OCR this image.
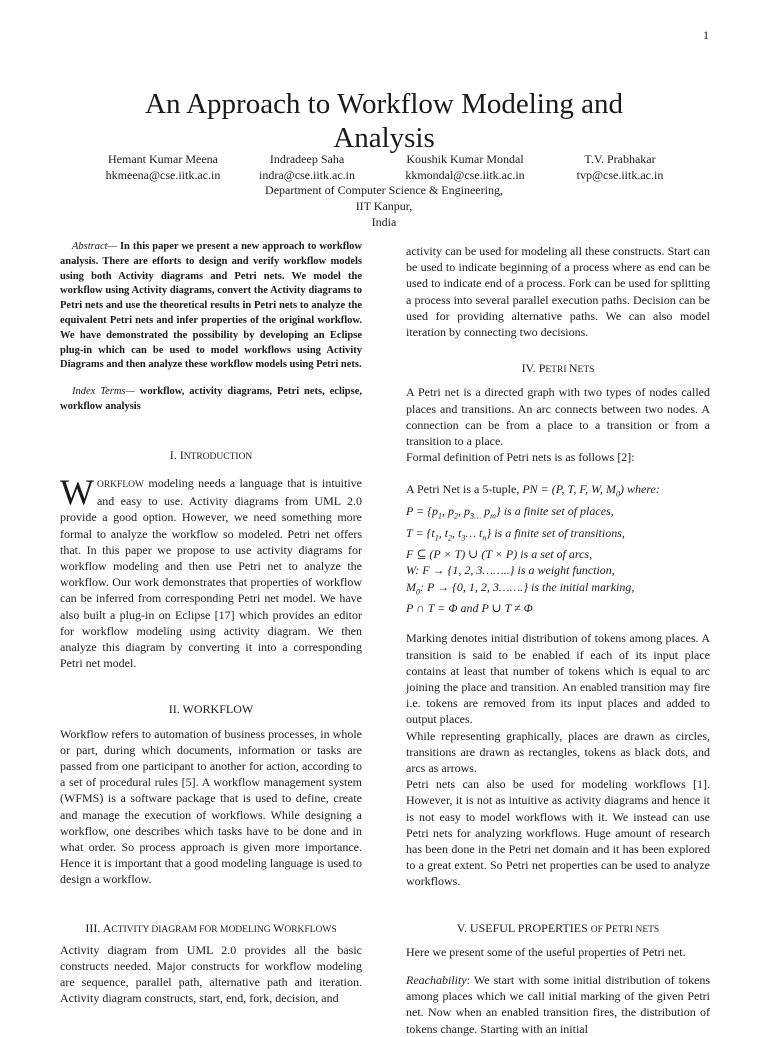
1
An Approach to Workflow Modeling and Analysis
Hemant Kumar Meena
hkmeena@cse.iitk.ac.in
Indradeep Saha
indra@cse.iitk.ac.in
Koushik Kumar Mondal
kkmondal@cse.iitk.ac.in
T.V. Prabhakar
tvp@cse.iitk.ac.in
Department of Computer Science & Engineering,
IIT Kanpur,
India

Abstract— In this paper we present a new approach to workflow analysis. There are efforts to design and verify workflow models using both Activity diagrams and Petri nets. We model the workflow using Activity diagrams, convert the Activity diagrams to Petri nets and use the theoretical results in Petri nets to analyze the equivalent Petri nets and infer properties of the original workflow. We have demonstrated the possibility by developing an Eclipse plug-in which can be used to model workflows using Activity Diagrams and then analyze these workflow models using Petri nets.

Index Terms— workflow, activity diagrams, Petri nets, eclipse, workflow analysis

I. INTRODUCTION

WORKFLOW modeling needs a language that is intuitive and easy to use. Activity diagrams from UML 2.0 provide a good option. However, we need something more formal to analyze the workflow so modeled. Petri net offers that. In this paper we propose to use activity diagrams for workflow modeling and then use Petri net to analyze the workflow. Our work demonstrates that properties of workflow can be inferred from corresponding Petri net model. We have also built a plug-in on Eclipse [17] which provides an editor for workflow modeling using activity diagram. We then analyze this diagram by converting it into a corresponding Petri net model.

II. WORKFLOW

Workflow refers to automation of business processes, in whole or part, during which documents, information or tasks are passed from one participant to another for action, according to a set of procedural rules [5]. A workflow management system (WFMS) is a software package that is used to define, create and manage the execution of workflows. While designing a workflow, one describes which tasks have to be done and in what order. So process approach is given more importance. Hence it is important that a good modeling language is used to design a workflow.

III. ACTIVITY DIAGRAM FOR MODELING WORKFLOWS

Activity diagram from UML 2.0 provides all the basic constructs needed. Major constructs for workflow modeling are sequence, parallel path, alternative path and iteration. Activity diagram constructs, start, end, fork, decision, and

activity can be used for modeling all these constructs. Start can be used to indicate beginning of a process where as end can be used to indicate end of a process. Fork can be used for splitting a process into several parallel execution paths. Decision can be used for providing alternative paths. We can also model iteration by connecting two decisions.

IV. PETRI NETS

A Petri net is a directed graph with two types of nodes called places and transitions. An arc connects between two nodes. A connection can be from a place to a transition or from a transition to a place.

Formal definition of Petri nets is as follows [2]:

A Petri Net is a 5-tuple, PN = (P, T, F, W, $M_0$) where:
$P = \{p_1$, $p_2$, $p_{3\dots}$ $p_m$} is a finite set of places,
$T = \{t_1$, $t_2$, $t_3\dots$ $t_n$} is a finite set of transitions,
F ⊆ (P × T) ∪ (T × P) is a set of arcs,
W: F → {1, 2, 3……..} is a weight function,
$M_0$: P → {0, 1, 2, 3…….} is the initial marking,
P ∩ T = Φ and P ∪ T ≠ Φ

Marking denotes initial distribution of tokens among places. A transition is said to be enabled if each of its input place contains at least that number of tokens which is equal to arc joining the place and transition. An enabled transition may fire i.e. tokens are removed from its input places and added to output places.

While representing graphically, places are drawn as circles, transitions are drawn as rectangles, tokens as black dots, and arcs as arrows.

Petri nets can also be used for modeling workflows [1]. However, it is not as intuitive as activity diagrams and hence it is not easy to model workflows with it. We instead can use Petri nets for analyzing workflows. Huge amount of research has been done in the Petri net domain and it has been explored to a great extent. So Petri net properties can be used to analyze workflows.

V. USEFUL PROPERTIES OF PETRI NETS

Here we present some of the useful properties of Petri net.

Reachability: We start with some initial distribution of tokens among places which we call initial marking of the given Petri net. Now when an enabled transition fires, the distribution of tokens change. Starting with an initial
